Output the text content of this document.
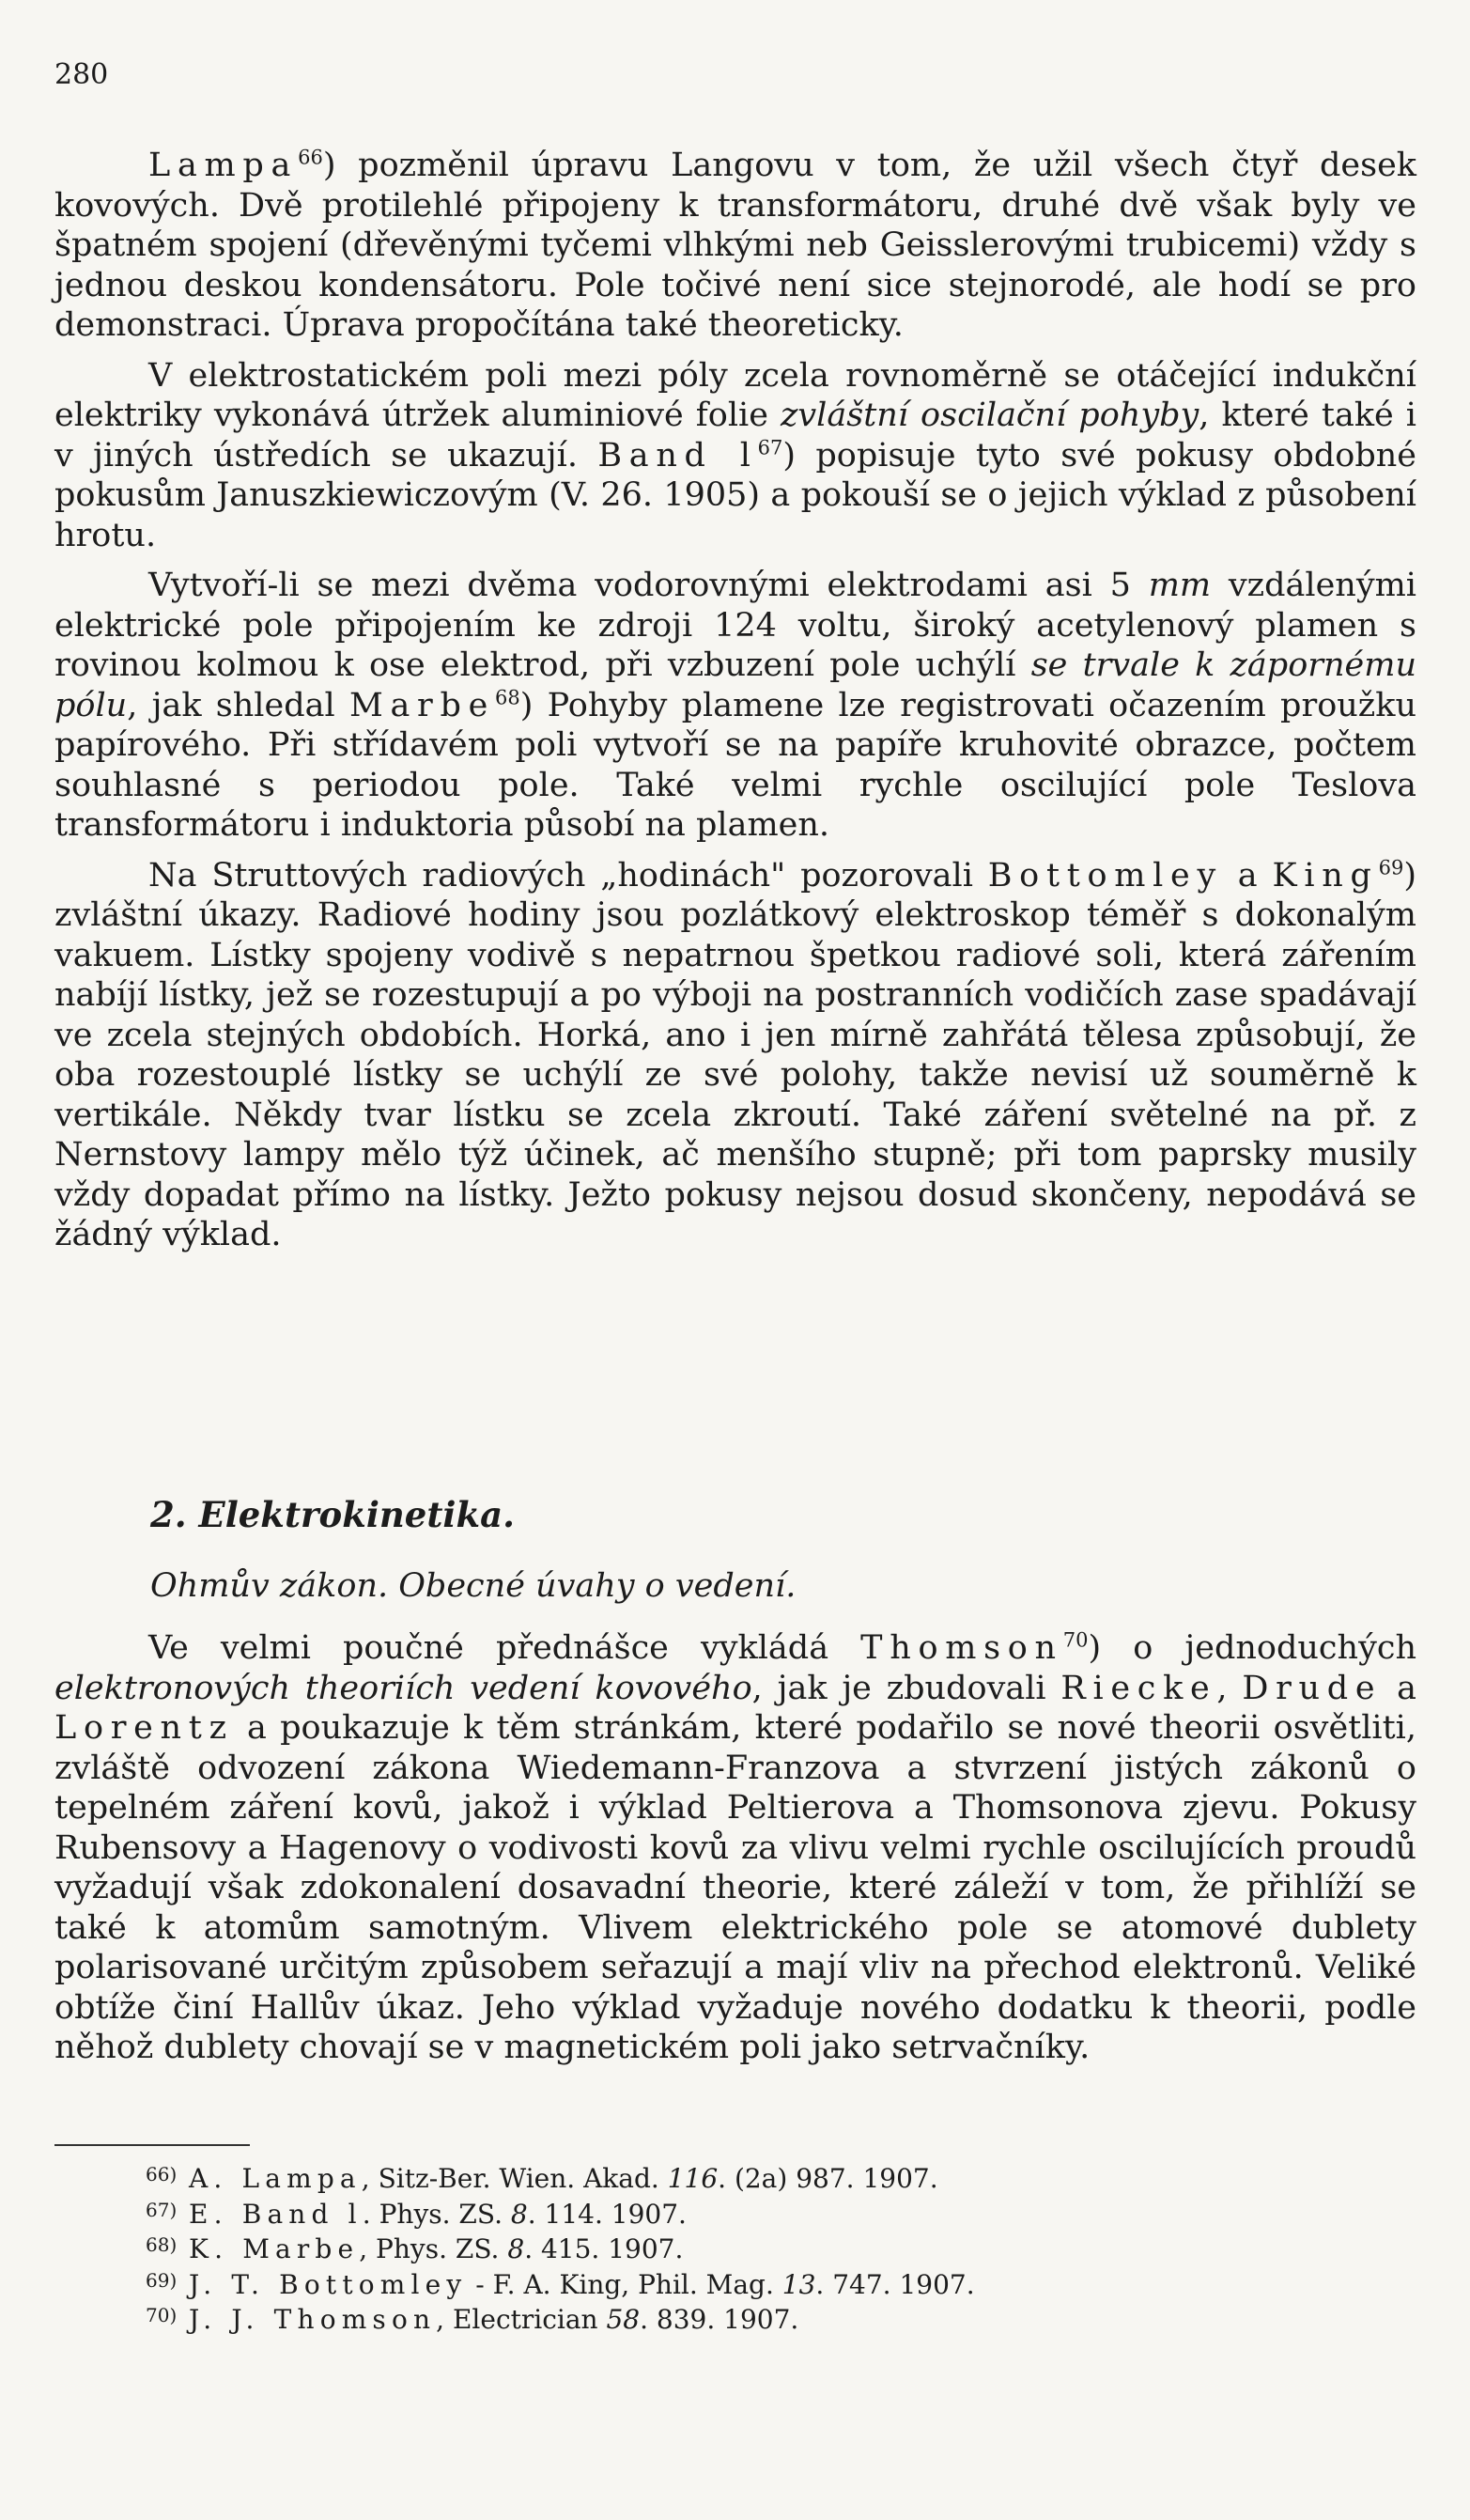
280

Lampa$^{66}$) pozměnil úpravu Langovu v tom, že užil všech čtyř desek kovových. Dvě protilehlé připojeny k transformátoru, druhé dvě však byly ve špatném spojení (dřevěnými tyčemi vlhkými neb Geisslerovými trubicemi) vždy s jednou deskou kondensátoru. Pole točivé není sice stejnorodé, ale hodí se pro demonstraci. Úprava propočítána také theoreticky.

V elektrostatickém poli mezi póly zcela rovnoměrně se otáčející indukční elektriky vykonává útržek aluminiové folie zvláštní oscilační pohyby, které také i v jiných ústředích se ukazují. Band $l^{67}$) popisuje tyto své pokusy obdobné pokusům Januszkiewiczovým (V. 26. 1905) a pokouší se o jejich výklad z působení hrotu.

Vytvoří-li se mezi dvěma vodorovnými elektrodami asi 5 mm vzdálenými elektrické pole připojením ke zdroji 124 voltu, široký acetylenový plamen s rovinou kolmou k ose elektrod, při vzbuzení pole uchýlí se trvale k zápornému pólu, jak shledal Marbe$^{68}$) Pohyby plamene lze registrovati očazením proužku papírového. Při střídavém poli vytvoří se na papíře kruhovité obrazce, počtem souhlasné s periodou pole. Také velmi rychle oscilující pole Teslova transformátoru i induktoria působí na plamen.

Na Struttových radiových „hodinách" pozorovali Bottomley a King$^{69}$) zvláštní úkazy. Radiové hodiny jsou pozlátkový elektroskop téměř s dokonalým vakuem. Lístky spojeny vodivě s nepatrnou špetkou radiové soli, která zářením nabíjí lístky, jež se rozestupují a po výboji na postranních vodičích zase spadávají ve zcela stejných obdobích. Horká, ano i jen mírně zahřátá tělesa způsobují, že oba rozestouplé lístky se uchýlí ze své polohy, takže nevisí už souměrně k vertikále. Někdy tvar lístku se zcela zkroutí. Také záření světelné na př. z Nernstovy lampy mělo týž účinek, ač menšího stupně; při tom paprsky musily vždy dopadat přímo na lístky. Ježto pokusy nejsou dosud skončeny, nepodává se žádný výklad.

2. Elektrokinetika.
Ohmův zákon. Obecné úvahy o vedení.

Ve velmi poučné přednášce vykládá Thomson$^{70}$) o jednoduchých elektronových theoriích vedení kovového, jak je zbudovali Riecke, Drude a Lorentz a poukazuje k těm stránkám, které podařilo se nové theorii osvětliti, zvláště odvození zákona Wiedemann-Franzova a stvrzení jistých zákonů o tepelném záření kovů, jakož i výklad Peltierova a Thomsonova zjevu. Pokusy Rubensovy a Hagenovy o vodivosti kovů za vlivu velmi rychle oscilujících proudů vyžadují však zdokonalení dosavadní theorie, které záleží v tom, že přihlíží se také k atomům samotným. Vlivem elektrického pole se atomové dublety polarisované určitým způsobem seřazují a mají vliv na přechod elektronů. Veliké obtíže činí Hallův úkaz. Jeho výklad vyžaduje nového dodatku k theorii, podle něhož dublety chovají se v magnetickém poli jako setrvačníky.

66) A. Lampa, Sitz-Ber. Wien. Akad. 116. (2a) 987. 1907.
67) E. Band l. Phys. ZS. 8. 114. 1907.
68) K. Marbe, Phys. ZS. 8. 415. 1907.
69) J. T. Bottomley - F. A. King, Phil. Mag. 13. 747. 1907.
70) J. J. Thomson, Electrician 58. 839. 1907.
